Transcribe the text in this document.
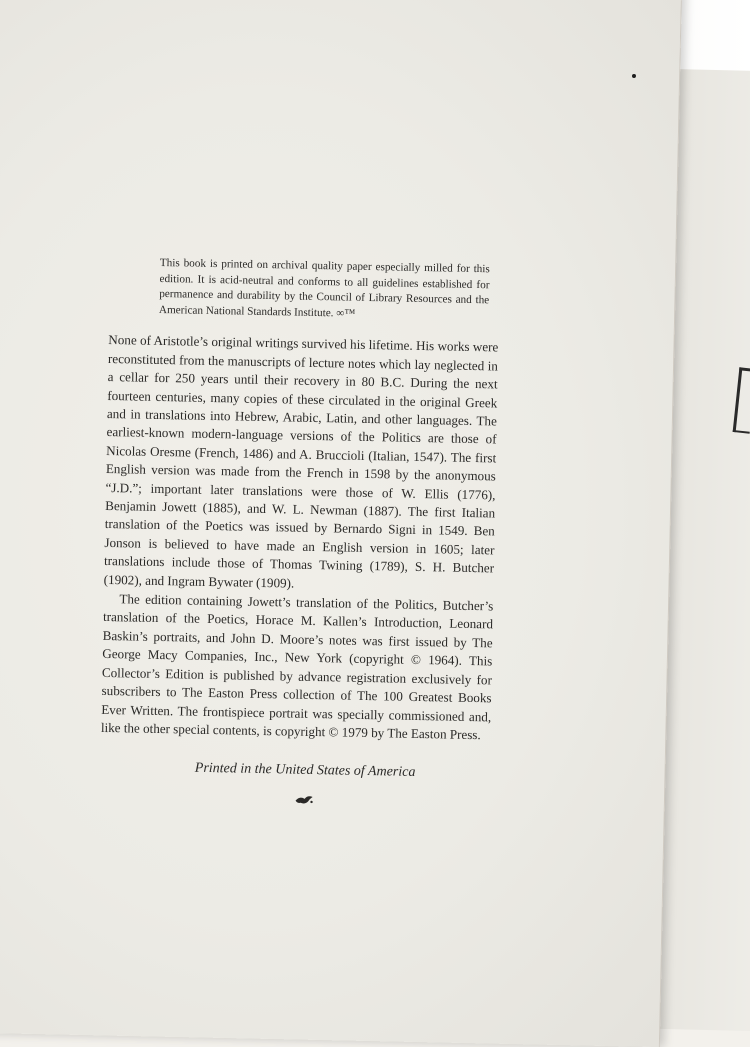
This book is printed on archival quality paper especially milled for this edition. It is acid-neutral and conforms to all guidelines established for permanence and durability by the Council of Library Resources and the American National Standards Institute. ∞™

None of Aristotle’s original writings survived his lifetime. His works were reconstituted from the manuscripts of lecture notes which lay neglected in a cellar for 250 years until their recovery in 80 B.C. During the next fourteen centuries, many copies of these circulated in the original Greek and in translations into Hebrew, Arabic, Latin, and other languages. The earliest-known modern-language versions of the Politics are those of Nicolas Oresme (French, 1486) and A. Bruccioli (Italian, 1547). The first English version was made from the French in 1598 by the anonymous “J.D.”; important later translations were those of W. Ellis (1776), Benjamin Jowett (1885), and W. L. Newman (1887). The first Italian translation of the Poetics was issued by Bernardo Signi in 1549. Ben Jonson is believed to have made an English version in 1605; later translations include those of Thomas Twining (1789), S. H. Butcher (1902), and Ingram Bywater (1909).

The edition containing Jowett’s translation of the Politics, Butcher’s translation of the Poetics, Horace M. Kallen’s Introduction, Leonard Baskin’s portraits, and John D. Moore’s notes was first issued by The George Macy Companies, Inc., New York (copyright © 1964). This Collector’s Edition is published by advance registration exclusively for subscribers to The Easton Press collection of The 100 Greatest Books Ever Written. The frontispiece portrait was specially commissioned and, like the other special contents, is copyright © 1979 by The Easton Press.

Printed in the United States of America
